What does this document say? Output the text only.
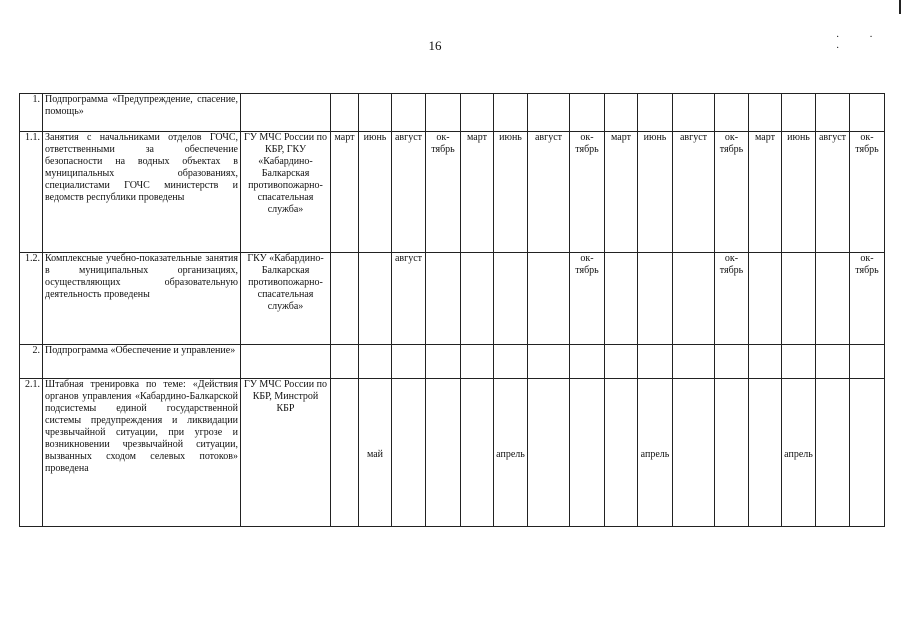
·· ·
16
1.	Подпрограмма «Предупреждение, спасение, помощь»		

1.1.	Занятия с начальниками отделов ГОЧС, ответственными за обеспечение безопасности на водных объектах в муниципальных образованиях, специалистами ГОЧС министерств и ведомств республики проведены	ГУ МЧС России по КБР, ГКУ «Кабардино-Балкарская противопожарно-спасательная служба»	март	июнь	август	ок-тябрь	март	июнь	август	ок-тябрь	март	июнь	август	ок-тябрь	март	июнь	август	ок-тябрь

1.2.	Комплексные учебно-показательные занятия в муниципальных организациях, осуществляющих образовательную деятельность проведены	ГКУ «Кабардино-Балкарская противопожарно-спасательная служба»			август					ок-тябрь				ок-тябрь				ок-тябрь

2.	Подпрограмма «Обеспечение и управление»		

2.1.	Штабная тренировка по теме: «Действия органов управления «Кабардино-Балкарской подсистемы единой государственной системы предупреждения и ликвидации чрезвычайной ситуации, при угрозе и возникновении чрезвычайной ситуации, вызванных сходом селевых потоков» проведена	ГУ МЧС России по КБР, Минстрой КБР		май				апрель				апрель				апрель		
